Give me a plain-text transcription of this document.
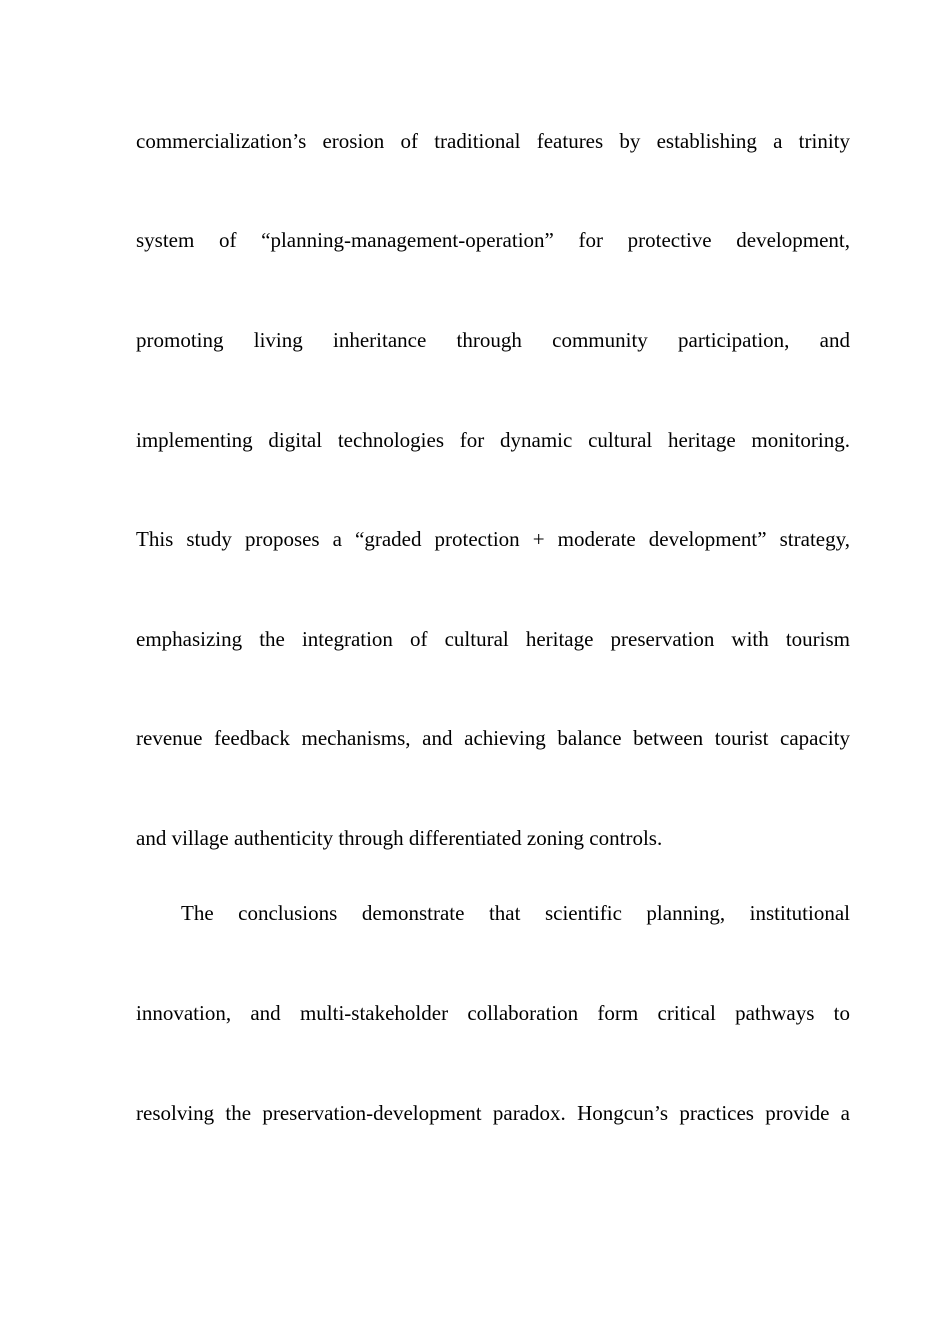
commercialization’s erosion of traditional features by establishing a trinity
system of “planning-management-operation” for protective development,
promoting living inheritance through community participation, and
implementing digital technologies for dynamic cultural heritage monitoring.
This study proposes a “graded protection + moderate development” strategy,
emphasizing the integration of cultural heritage preservation with tourism
revenue feedback mechanisms, and achieving balance between tourist capacity
and village authenticity through differentiated zoning controls.
The conclusions demonstrate that scientific planning, institutional
innovation, and multi-stakeholder collaboration form critical pathways to
resolving the preservation-development paradox. Hongcun’s practices provide a
